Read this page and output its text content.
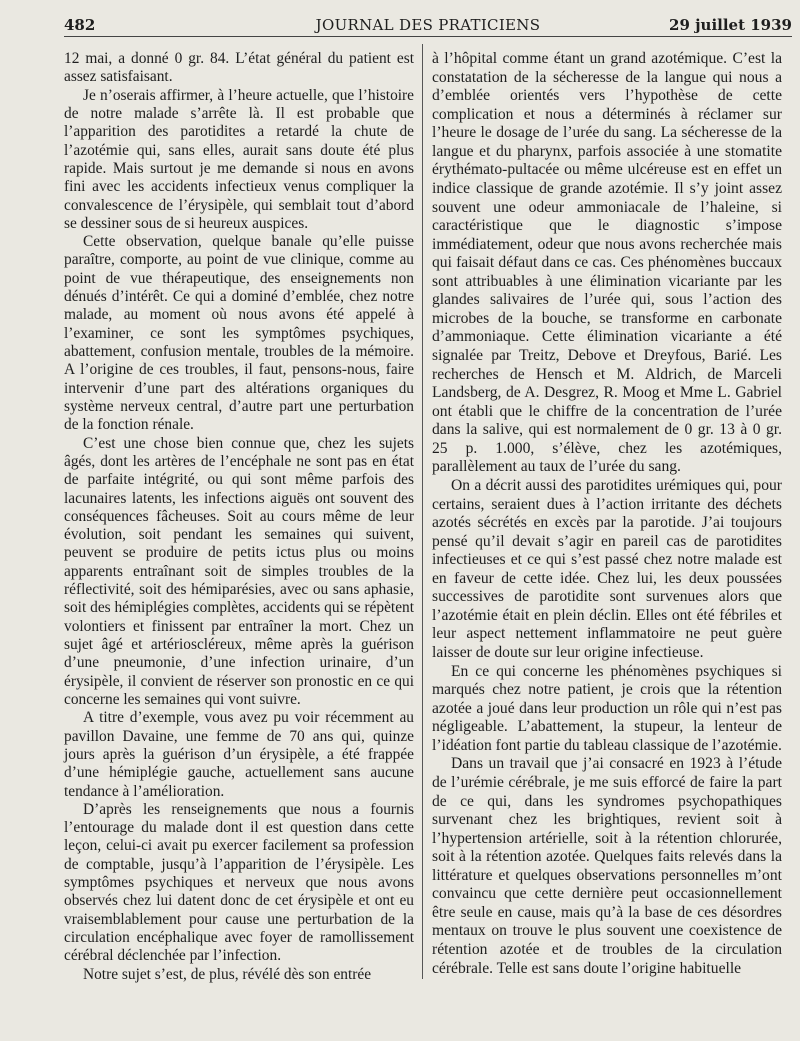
482	JOURNAL DES PRATICIENS	29 juillet 1939

12 mai, a donné 0 gr. 84. L’état général du patient est assez satisfaisant.

Je n’oserais affirmer, à l’heure actuelle, que l’histoire de notre malade s’arrête là. Il est probable que l’apparition des parotidites a retardé la chute de l’azotémie qui, sans elles, aurait sans doute été plus rapide. Mais surtout je me demande si nous en avons fini avec les accidents infectieux venus compliquer la convalescence de l’érysipèle, qui semblait tout d’abord se dessiner sous de si heureux auspices.

Cette observation, quelque banale qu’elle puisse paraître, comporte, au point de vue clinique, comme au point de vue thérapeutique, des enseignements non dénués d’intérêt. Ce qui a dominé d’emblée, chez notre malade, au moment où nous avons été appelé à l’examiner, ce sont les symptômes psychiques, abattement, confusion mentale, troubles de la mémoire. A l’origine de ces troubles, il faut, pensons-nous, faire intervenir d’une part des altérations organiques du système nerveux central, d’autre part une perturbation de la fonction rénale.

C’est une chose bien connue que, chez les sujets âgés, dont les artères de l’encéphale ne sont pas en état de parfaite intégrité, ou qui sont même parfois des lacunaires latents, les infections aiguës ont souvent des conséquences fâcheuses. Soit au cours même de leur évolution, soit pendant les semaines qui suivent, peuvent se produire de petits ictus plus ou moins apparents entraînant soit de simples troubles de la réflectivité, soit des hémiparésies, avec ou sans aphasie, soit des hémiplégies complètes, accidents qui se répètent volontiers et finissent par entraîner la mort. Chez un sujet âgé et artérioscléreux, même après la guérison d’une pneumonie, d’une infection urinaire, d’un érysipèle, il convient de réserver son pronostic en ce qui concerne les semaines qui vont suivre.

A titre d’exemple, vous avez pu voir récemment au pavillon Davaine, une femme de 70 ans qui, quinze jours après la guérison d’un érysipèle, a été frappée d’une hémiplégie gauche, actuellement sans aucune tendance à l’amélioration.

D’après les renseignements que nous a fournis l’entourage du malade dont il est question dans cette leçon, celui-ci avait pu exercer facilement sa profession de comptable, jusqu’à l’apparition de l’érysipèle. Les symptômes psychiques et nerveux que nous avons observés chez lui datent donc de cet érysipèle et ont eu vraisemblablement pour cause une perturbation de la circulation encéphalique avec foyer de ramollissement cérébral déclenchée par l’infection.

Notre sujet s’est, de plus, révélé dès son entrée

à l’hôpital comme étant un grand azotémique. C’est la constatation de la sécheresse de la langue qui nous a d’emblée orientés vers l’hypothèse de cette complication et nous a déterminés à réclamer sur l’heure le dosage de l’urée du sang. La sécheresse de la langue et du pharynx, parfois associée à une stomatite érythémato-pultacée ou même ulcéreuse est en effet un indice classique de grande azotémie. Il s’y joint assez souvent une odeur ammoniacale de l’haleine, si caractéristique que le diagnostic s’impose immédiatement, odeur que nous avons recherchée mais qui faisait défaut dans ce cas. Ces phénomènes buccaux sont attribuables à une élimination vicariante par les glandes salivaires de l’urée qui, sous l’action des microbes de la bouche, se transforme en carbonate d’ammoniaque. Cette élimination vicariante a été signalée par Treitz, Debove et Dreyfous, Barié. Les recherches de Hensch et M. Aldrich, de Marceli Landsberg, de A. Desgrez, R. Moog et Mme L. Gabriel ont établi que le chiffre de la concentration de l’urée dans la salive, qui est normalement de 0 gr. 13 à 0 gr. 25 p. 1.000, s’élève, chez les azotémiques, parallèlement au taux de l’urée du sang.

On a décrit aussi des parotidites urémiques qui, pour certains, seraient dues à l’action irritante des déchets azotés sécrétés en excès par la parotide. J’ai toujours pensé qu’il devait s’agir en pareil cas de parotidites infectieuses et ce qui s’est passé chez notre malade est en faveur de cette idée. Chez lui, les deux poussées successives de parotidite sont survenues alors que l’azotémie était en plein déclin. Elles ont été fébriles et leur aspect nettement inflammatoire ne peut guère laisser de doute sur leur origine infectieuse.

En ce qui concerne les phénomènes psychiques si marqués chez notre patient, je crois que la rétention azotée a joué dans leur production un rôle qui n’est pas négligeable. L’abattement, la stupeur, la lenteur de l’idéation font partie du tableau classique de l’azotémie.

Dans un travail que j’ai consacré en 1923 à l’étude de l’urémie cérébrale, je me suis efforcé de faire la part de ce qui, dans les syndromes psychopathiques survenant chez les brightiques, revient soit à l’hypertension artérielle, soit à la rétention chlorurée, soit à la rétention azotée. Quelques faits relevés dans la littérature et quelques observations personnelles m’ont convaincu que cette dernière peut occasionnellement être seule en cause, mais qu’à la base de ces désordres mentaux on trouve le plus souvent une coexistence de rétention azotée et de troubles de la circulation cérébrale. Telle est sans doute l’origine habituelle
